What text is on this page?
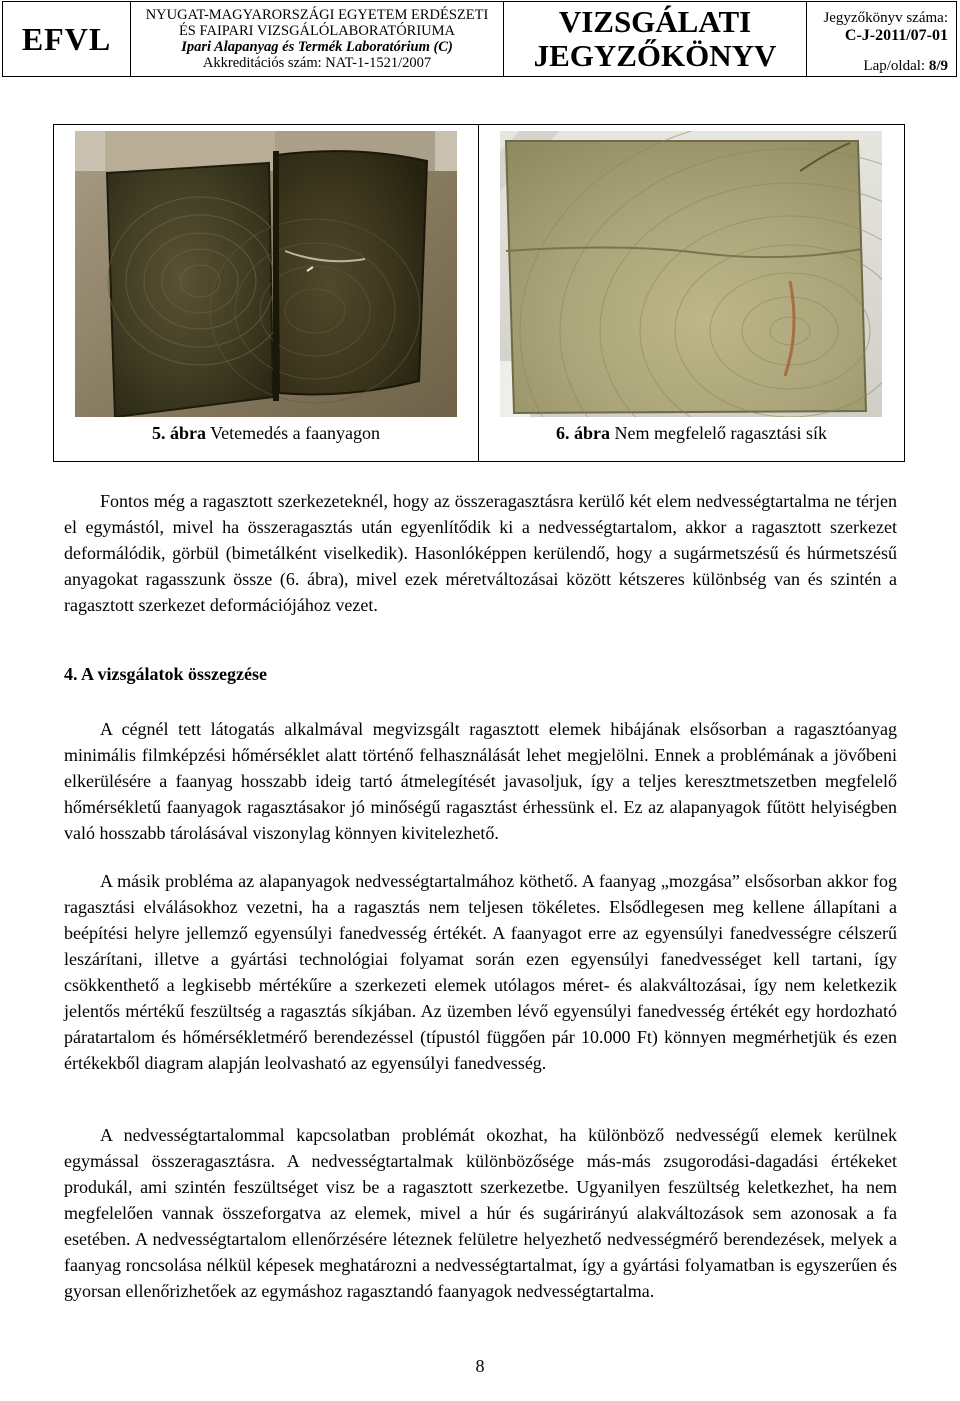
EFVL
NYUGAT-MAGYARORSZÁGI EGYETEM ERDÉSZETI
ÉS FAIPARI VIZSGÁLÓLABORATÓRIUMA
Ipari Alapanyag és Termék Laboratórium (C)
Akkreditációs szám: NAT-1-1521/2007
VIZSGÁLATI
JEGYZŐKÖNYV
Jegyzőkönyv száma:
C-J-2011/07-01
Lap/oldal: 8/9
5. ábra Vetemedés a faanyagon	6. ábra Nem megfelelő ragasztási sík

Fontos még a ragasztott szerkezeteknél, hogy az összeragasztásra kerülő két elem nedvességtartalma ne térjen el egymástól, mivel ha összeragasztás után egyenlítődik ki a nedvességtartalom, akkor a ragasztott szerkezet deformálódik, görbül (bimetálként viselkedik). Hasonlóképpen kerülendő, hogy a sugármetszésű és húrmetszésű anyagokat ragasszunk össze (6. ábra), mivel ezek méretváltozásai között kétszeres különbség van és szintén a ragasztott szerkezet deformációjához vezet.

4. A vizsgálatok összegzése

A cégnél tett látogatás alkalmával megvizsgált ragasztott elemek hibájának elsősorban a ragasztóanyag minimális filmképzési hőmérséklet alatt történő felhasználását lehet megjelölni. Ennek a problémának a jövőbeni elkerülésére a faanyag hosszabb ideig tartó átmelegítését javasoljuk, így a teljes keresztmetszetben megfelelő hőmérsékletű faanyagok ragasztásakor jó minőségű ragasztást érhessünk el. Ez az alapanyagok fűtött helyiségben való hosszabb tárolásával viszonylag könnyen kivitelezhető.

A másik probléma az alapanyagok nedvességtartalmához köthető. A faanyag „mozgása” elsősorban akkor fog ragasztási elválásokhoz vezetni, ha a ragasztás nem teljesen tökéletes. Elsődlegesen meg kellene állapítani a beépítési helyre jellemző egyensúlyi fanedvesség értékét. A faanyagot erre az egyensúlyi fanedvességre célszerű leszárítani, illetve a gyártási technológiai folyamat során ezen egyensúlyi fanedvességet kell tartani, így csökkenthető a legkisebb mértékűre a szerkezeti elemek utólagos méret- és alakváltozásai, így nem keletkezik jelentős mértékű feszültség a ragasztás síkjában. Az üzemben lévő egyensúlyi fanedvesség értékét egy hordozható páratartalom és hőmérsékletmérő berendezéssel (típustól függően pár 10.000 Ft) könnyen megmérhetjük és ezen értékekből diagram alapján leolvasható az egyensúlyi fanedvesség.

A nedvességtartalommal kapcsolatban problémát okozhat, ha különböző nedvességű elemek kerülnek egymással összeragasztásra. A nedvességtartalmak különbözősége más-más zsugorodási-dagadási értékeket produkál, ami szintén feszültséget visz be a ragasztott szerkezetbe. Ugyanilyen feszültség keletkezhet, ha nem megfelelően vannak összeforgatva az elemek, mivel a húr és sugárirányú alakváltozások sem azonosak a fa esetében. A nedvességtartalom ellenőrzésére léteznek felületre helyezhető nedvességmérő berendezések, melyek a faanyag roncsolása nélkül képesek meghatározni a nedvességtartalmat, így a gyártási folyamatban is egyszerűen és gyorsan ellenőrizhetőek az egymáshoz ragasztandó faanyagok nedvességtartalma.

8
